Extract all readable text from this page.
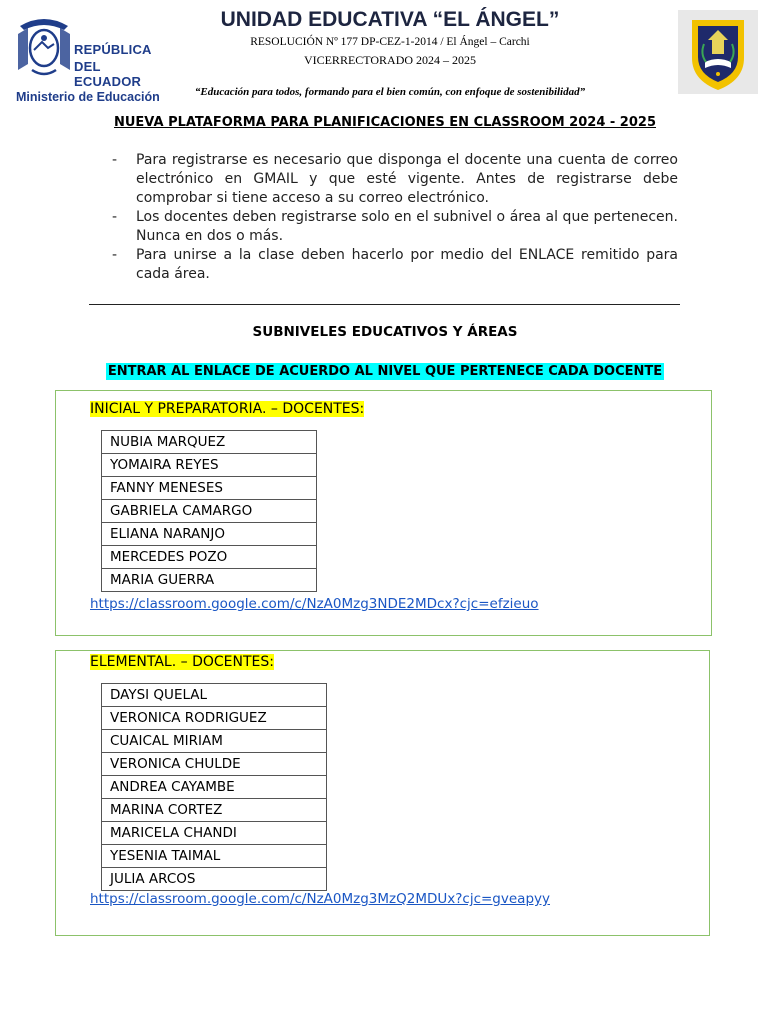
REPÚBLICA
DEL ECUADOR
Ministerio de Educación
UNIDAD EDUCATIVA “EL ÁNGEL”
RESOLUCIÓN Nº 177 DP-CEZ-1-2014 / El Ángel – Carchi
VICERRECTORADO 2024 – 2025
“Educación para todos, formando para el bien común, con enfoque de sostenibilidad”
NUEVA PLATAFORMA PARA PLANIFICACIONES EN CLASSROOM 2024 - 2025
- Para registrarse es necesario que disponga el docente una cuenta de correo electrónico en GMAIL y que esté vigente. Antes de registrarse debe comprobar si tiene acceso a su correo electrónico.
- Los docentes deben registrarse solo en el subnivel o área al que pertenecen. Nunca en dos o más.
- Para unirse a la clase deben hacerlo por medio del ENLACE remitido para cada área.
SUBNIVELES EDUCATIVOS Y ÁREAS
ENTRAR AL ENLACE DE ACUERDO AL NIVEL QUE PERTENECE CADA DOCENTE
INICIAL Y PREPARATORIA. – DOCENTES:
NUBIA MARQUEZ
YOMAIRA REYES
FANNY MENESES
GABRIELA CAMARGO
ELIANA NARANJO
MERCEDES POZO
MARIA GUERRA
https://classroom.google.com/c/NzA0Mzg3NDE2MDcx?cjc=efzieuo
ELEMENTAL. – DOCENTES:
DAYSI QUELAL
VERONICA RODRIGUEZ
CUAICAL MIRIAM
VERONICA CHULDE
ANDREA CAYAMBE
MARINA CORTEZ
MARICELA CHANDI
YESENIA TAIMAL
JULIA ARCOS
https://classroom.google.com/c/NzA0Mzg3MzQ2MDUx?cjc=gveapyy
